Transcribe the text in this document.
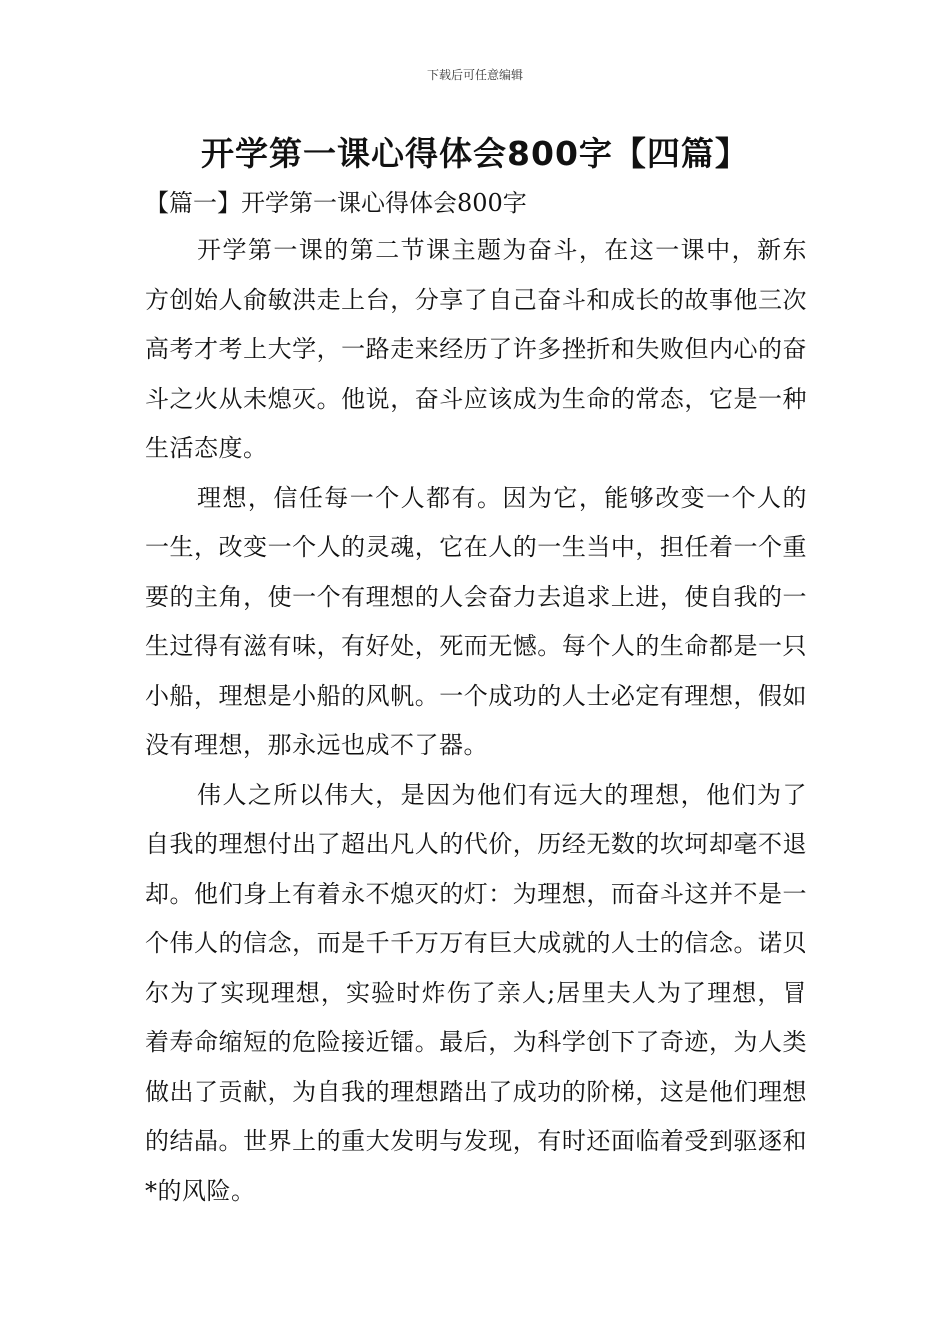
下载后可任意编辑
开学第一课心得体会800字【四篇】
【篇一】开学第一课心得体会800字

开学第一课的第二节课主题为奋斗，在这一课中，新东方创始人俞敏洪走上台，分享了自己奋斗和成长的故事他三次高考才考上大学，一路走来经历了许多挫折和失败但内心的奋斗之火从未熄灭。他说，奋斗应该成为生命的常态，它是一种生活态度。

理想，信任每一个人都有。因为它，能够改变一个人的一生，改变一个人的灵魂，它在人的一生当中，担任着一个重要的主角，使一个有理想的人会奋力去追求上进，使自我的一生过得有滋有味，有好处，死而无憾。每个人的生命都是一只小船，理想是小船的风帆。一个成功的人士必定有理想，假如没有理想，那永远也成不了器。

伟人之所以伟大，是因为他们有远大的理想，他们为了自我的理想付出了超出凡人的代价，历经无数的坎坷却毫不退却。他们身上有着永不熄灭的灯：为理想，而奋斗这并不是一个伟人的信念，而是千千万万有巨大成就的人士的信念。诺贝尔为了实现理想，实验时炸伤了亲人;居里夫人为了理想，冒着寿命缩短的危险接近镭。最后，为科学创下了奇迹，为人类做出了贡献，为自我的理想踏出了成功的阶梯，这是他们理想的结晶。世界上的重大发明与发现，有时还面临着受到驱逐和*的风险。
